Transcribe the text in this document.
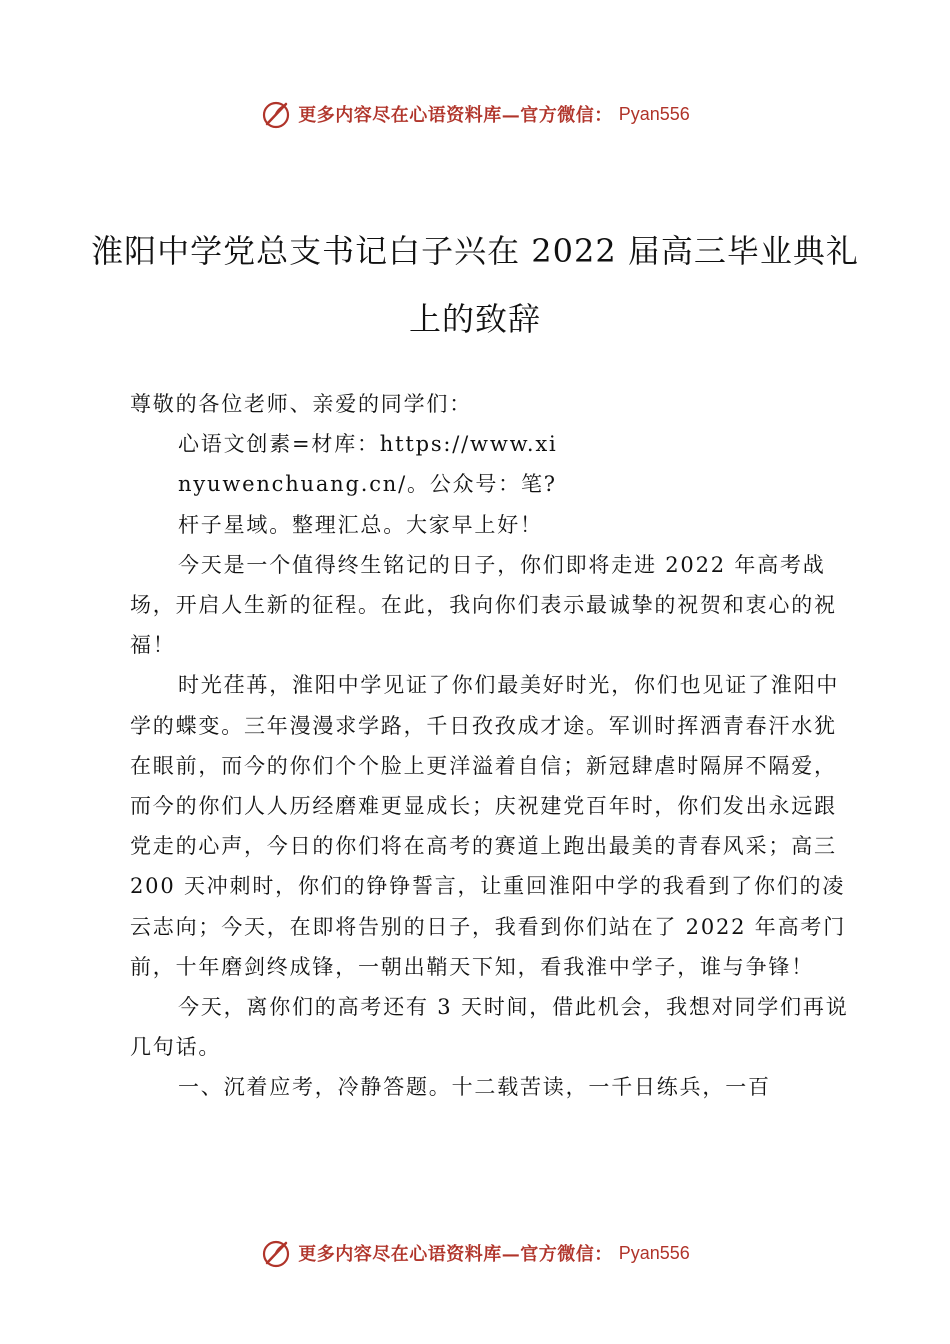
更多内容尽在心语资料库—官方微信： Pyan556
淮阳中学党总支书记白子兴在 2022 届高三毕业典礼上的致辞

尊敬的各位老师、亲爱的同学们：

心语文创素=材库：https://www.xinyuwenchuang.cn/。公众号：笔?杆子星域。整理汇总。大家早上好！

今天是一个值得终生铭记的日子，你们即将走进 2022 年高考战场，开启人生新的征程。在此，我向你们表示最诚挚的祝贺和衷心的祝福！

时光荏苒，淮阳中学见证了你们最美好时光，你们也见证了淮阳中学的蝶变。三年漫漫求学路，千日孜孜成才途。军训时挥洒青春汗水犹在眼前，而今的你们个个脸上更洋溢着自信；新冠肆虐时隔屏不隔爱，而今的你们人人历经磨难更显成长；庆祝建党百年时，你们发出永远跟党走的心声，今日的你们将在高考的赛道上跑出最美的青春风采；高三 200 天冲刺时，你们的铮铮誓言，让重回淮阳中学的我看到了你们的凌云志向；今天，在即将告别的日子，我看到你们站在了 2022 年高考门前，十年磨剑终成锋，一朝出鞘天下知，看我淮中学子，谁与争锋！

今天，离你们的高考还有 3 天时间，借此机会，我想对同学们再说几句话。

一、沉着应考，冷静答题。十二载苦读，一千日练兵，一百

更多内容尽在心语资料库—官方微信： Pyan556
